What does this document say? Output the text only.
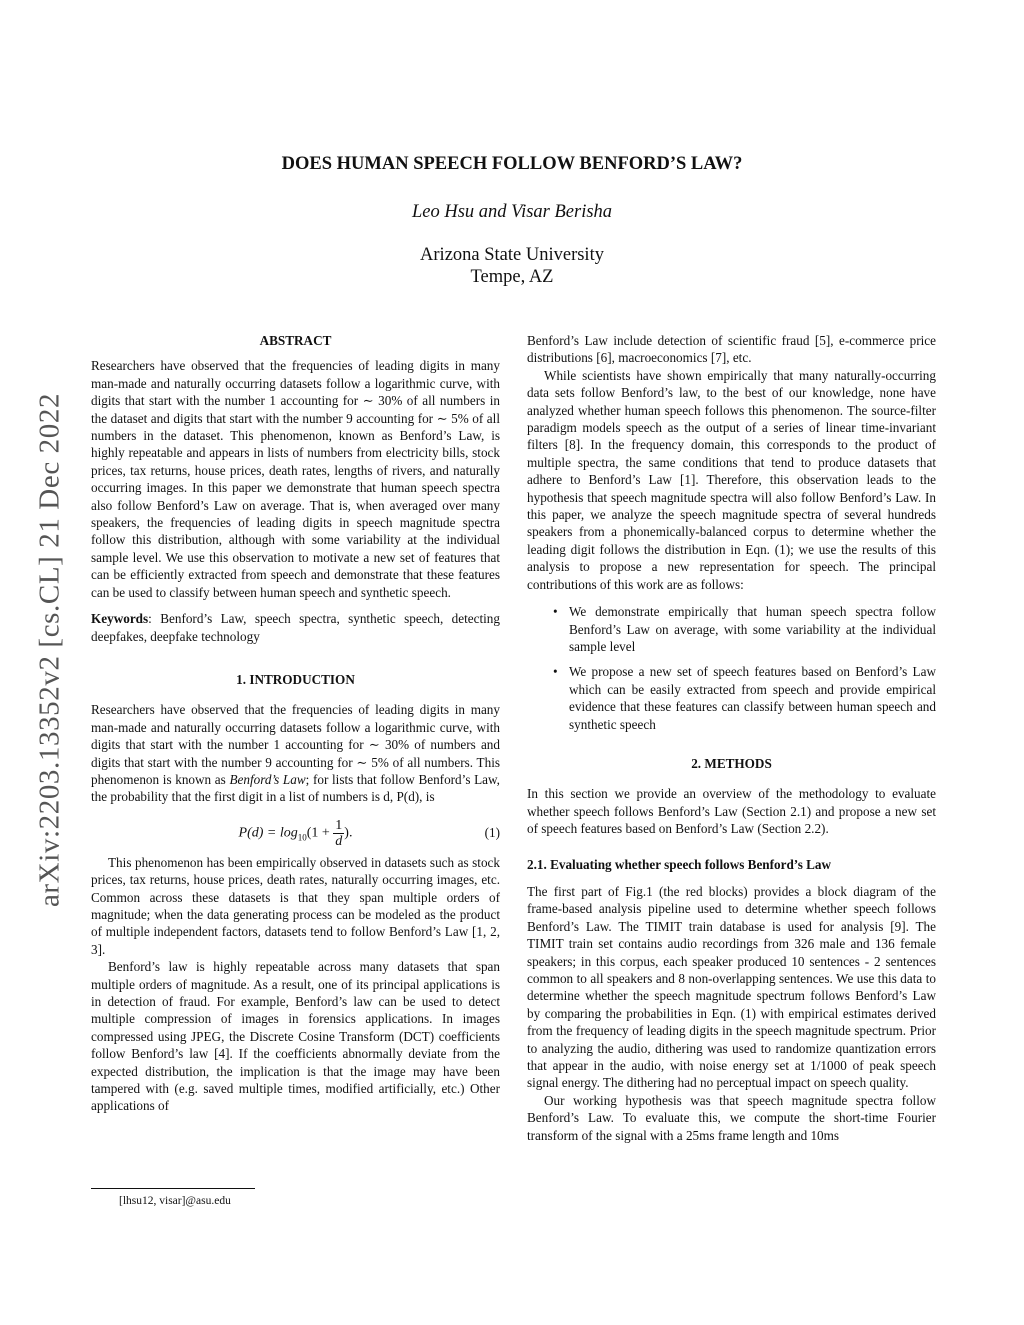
arXiv:2203.13352v2 [cs.CL] 21 Dec 2022
DOES HUMAN SPEECH FOLLOW BENFORD’S LAW?
Leo Hsu and Visar Berisha
Arizona State University
Tempe, AZ

ABSTRACT

Researchers have observed that the frequencies of leading digits in many man-made and naturally occurring datasets follow a logarithmic curve, with digits that start with the number 1 accounting for ∼ 30% of all numbers in the dataset and digits that start with the number 9 accounting for ∼ 5% of all numbers in the dataset. This phenomenon, known as Benford’s Law, is highly repeatable and appears in lists of numbers from electricity bills, stock prices, tax returns, house prices, death rates, lengths of rivers, and naturally occurring images. In this paper we demonstrate that human speech spectra also follow Benford’s Law on average. That is, when averaged over many speakers, the frequencies of leading digits in speech magnitude spectra follow this distribution, although with some variability at the individual sample level. We use this observation to motivate a new set of features that can be efficiently extracted from speech and demonstrate that these features can be used to classify between human speech and synthetic speech.

Keywords: Benford’s Law, speech spectra, synthetic speech, detecting deepfakes, deepfake technology

1. INTRODUCTION

Researchers have observed that the frequencies of leading digits in many man-made and naturally occurring datasets follow a logarithmic curve, with digits that start with the number 1 accounting for ∼ 30% of numbers and digits that start with the number 9 accounting for ∼ 5% of all numbers. This phenomenon is known as Benford’s Law; for lists that follow Benford’s Law, the probability that the first digit in a list of numbers is d, P(d), is

$P(d) = \log_{10}(1 + \frac{1}{d}$ ).	(1)

This phenomenon has been empirically observed in datasets such as stock prices, tax returns, house prices, death rates, naturally occurring images, etc. Common across these datasets is that they span multiple orders of magnitude; when the data generating process can be modeled as the product of multiple independent factors, datasets tend to follow Benford’s Law [1, 2, 3].

Benford’s law is highly repeatable across many datasets that span multiple orders of magnitude. As a result, one of its principal applications is in detection of fraud. For example, Benford’s law can be used to detect multiple compression of images in forensics applications. In images compressed using JPEG, the Discrete Cosine Transform (DCT) coefficients follow Benford’s law [4]. If the coefficients abnormally deviate from the expected distribution, the implication is that the image may have been tampered with (e.g. saved multiple times, modified artificially, etc.) Other applications of

Benford’s Law include detection of scientific fraud [5], e-commerce price distributions [6], macroeconomics [7], etc.

While scientists have shown empirically that many naturally-occurring data sets follow Benford’s law, to the best of our knowledge, none have analyzed whether human speech follows this phenomenon. The source-filter paradigm models speech as the output of a series of linear time-invariant filters [8]. In the frequency domain, this corresponds to the product of multiple spectra, the same conditions that tend to produce datasets that adhere to Benford’s Law [1]. Therefore, this observation leads to the hypothesis that speech magnitude spectra will also follow Benford’s Law. In this paper, we analyze the speech magnitude spectra of several hundreds speakers from a phonemically-balanced corpus to determine whether the leading digit follows the distribution in Eqn. (1); we use the results of this analysis to propose a new representation for speech. The principal contributions of this work are as follows:

• We demonstrate empirically that human speech spectra follow Benford’s Law on average, with some variability at the individual sample level
• We propose a new set of speech features based on Benford’s Law which can be easily extracted from speech and provide empirical evidence that these features can classify between human speech and synthetic speech

2. METHODS

In this section we provide an overview of the methodology to evaluate whether speech follows Benford’s Law (Section 2.1) and propose a new set of speech features based on Benford’s Law (Section 2.2).

2.1. Evaluating whether speech follows Benford’s Law

The first part of Fig.1 (the red blocks) provides a block diagram of the frame-based analysis pipeline used to determine whether speech follows Benford’s Law. The TIMIT train database is used for analysis [9]. The TIMIT train set contains audio recordings from 326 male and 136 female speakers; in this corpus, each speaker produced 10 sentences - 2 sentences common to all speakers and 8 non-overlapping sentences. We use this data to determine whether the speech magnitude spectrum follows Benford’s Law by comparing the probabilities in Eqn. (1) with empirical estimates derived from the frequency of leading digits in the speech magnitude spectrum. Prior to analyzing the audio, dithering was used to randomize quantization errors that appear in the audio, with noise energy set at 1/1000 of peak speech signal energy. The dithering had no perceptual impact on speech quality.

Our working hypothesis was that speech magnitude spectra follow Benford’s Law. To evaluate this, we compute the short-time Fourier transform of the signal with a 25ms frame length and 10ms

[lhsu12, visar]@asu.edu
